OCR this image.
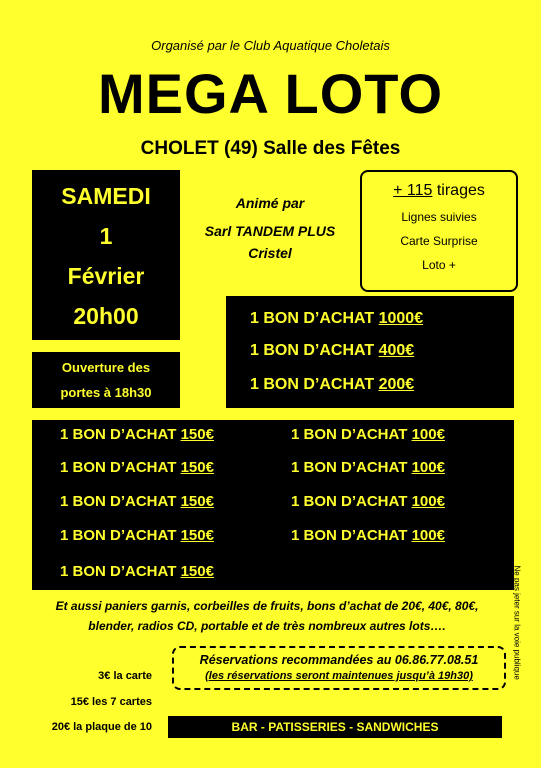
Organisé par le Club Aquatique Choletais
MEGA LOTO
CHOLET (49) Salle des Fêtes
SAMEDI
1
Février
20h00
Ouverture des
portes à 18h30
Animé par
Sarl TANDEM PLUS
Cristel
+ 115 tirages
Lignes suivies
Carte Surprise
Loto +
1 BON D’ACHAT 1000€
1 BON D’ACHAT 400€
1 BON D’ACHAT 200€
1 BON D’ACHAT 150€
1 BON D’ACHAT 150€
1 BON D’ACHAT 150€
1 BON D’ACHAT 150€
1 BON D’ACHAT 150€
1 BON D’ACHAT 100€
1 BON D’ACHAT 100€
1 BON D’ACHAT 100€
1 BON D’ACHAT 100€
Et aussi paniers garnis, corbeilles de fruits, bons d’achat de 20€, 40€, 80€, blender, radios CD, portable et de très nombreux autres lots….	Ne pas jeter sur la voie publique
Réservations recommandées au 06.86.77.08.51
(les réservations seront maintenues jusqu’à 19h30)
3€ la carte
15€ les 7 cartes
20€ la plaque de 10	BAR - PATISSERIES - SANDWICHES
